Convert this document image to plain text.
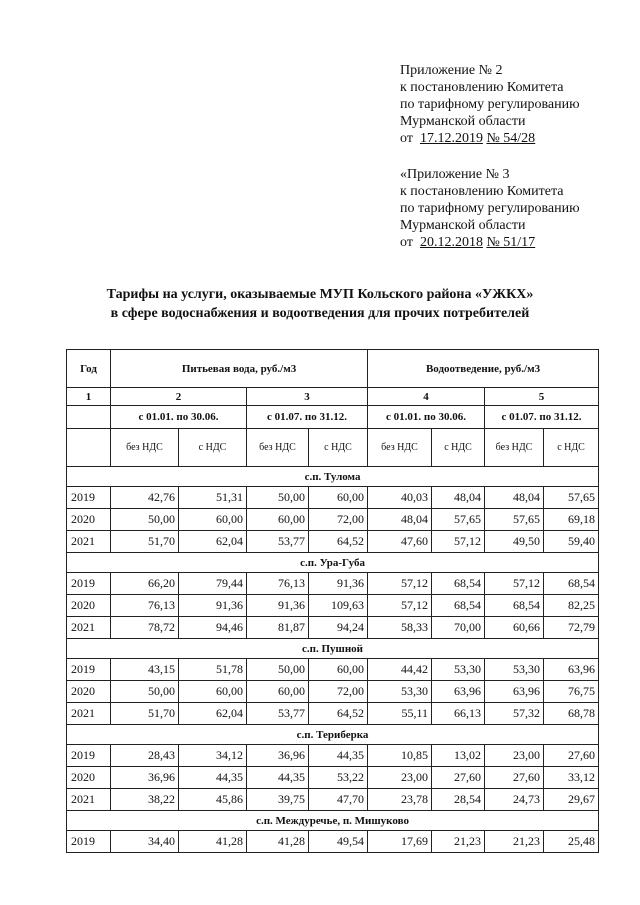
Приложение № 2
к постановлению Комитета
по тарифному регулированию
Мурманской области
от 17.12.2019 № 54/28
«Приложение № 3
к постановлению Комитета
по тарифному регулированию
Мурманской области
от 20.12.2018 № 51/17
Тарифы на услуги, оказываемые МУП Кольского района «УЖКХ»
в сфере водоснабжения и водоотведения для прочих потребителей
Год	Питьевая вода, руб./м3				Водоотведение, руб./м3			
1	2		3		4		5	
	с 01.01. по 30.06.		с 01.07. по 31.12.		с 01.01. по 30.06.		с 01.07. по 31.12.	
	без НДС	с НДС	без НДС	с НДС	без НДС	с НДС	без НДС	с НДС
с.п. Тулома								
2019	42,76	51,31	50,00	60,00	40,03	48,04	48,04	57,65
2020	50,00	60,00	60,00	72,00	48,04	57,65	57,65	69,18
2021	51,70	62,04	53,77	64,52	47,60	57,12	49,50	59,40
с.п. Ура-Губа								
2019	66,20	79,44	76,13	91,36	57,12	68,54	57,12	68,54
2020	76,13	91,36	91,36	109,63	57,12	68,54	68,54	82,25
2021	78,72	94,46	81,87	94,24	58,33	70,00	60,66	72,79
с.п. Пушной								
2019	43,15	51,78	50,00	60,00	44,42	53,30	53,30	63,96
2020	50,00	60,00	60,00	72,00	53,30	63,96	63,96	76,75
2021	51,70	62,04	53,77	64,52	55,11	66,13	57,32	68,78
с.п. Териберка								
2019	28,43	34,12	36,96	44,35	10,85	13,02	23,00	27,60
2020	36,96	44,35	44,35	53,22	23,00	27,60	27,60	33,12
2021	38,22	45,86	39,75	47,70	23,78	28,54	24,73	29,67
с.п. Междуречье, п. Мишуково								
2019	34,40	41,28	41,28	49,54	17,69	21,23	21,23	25,48
